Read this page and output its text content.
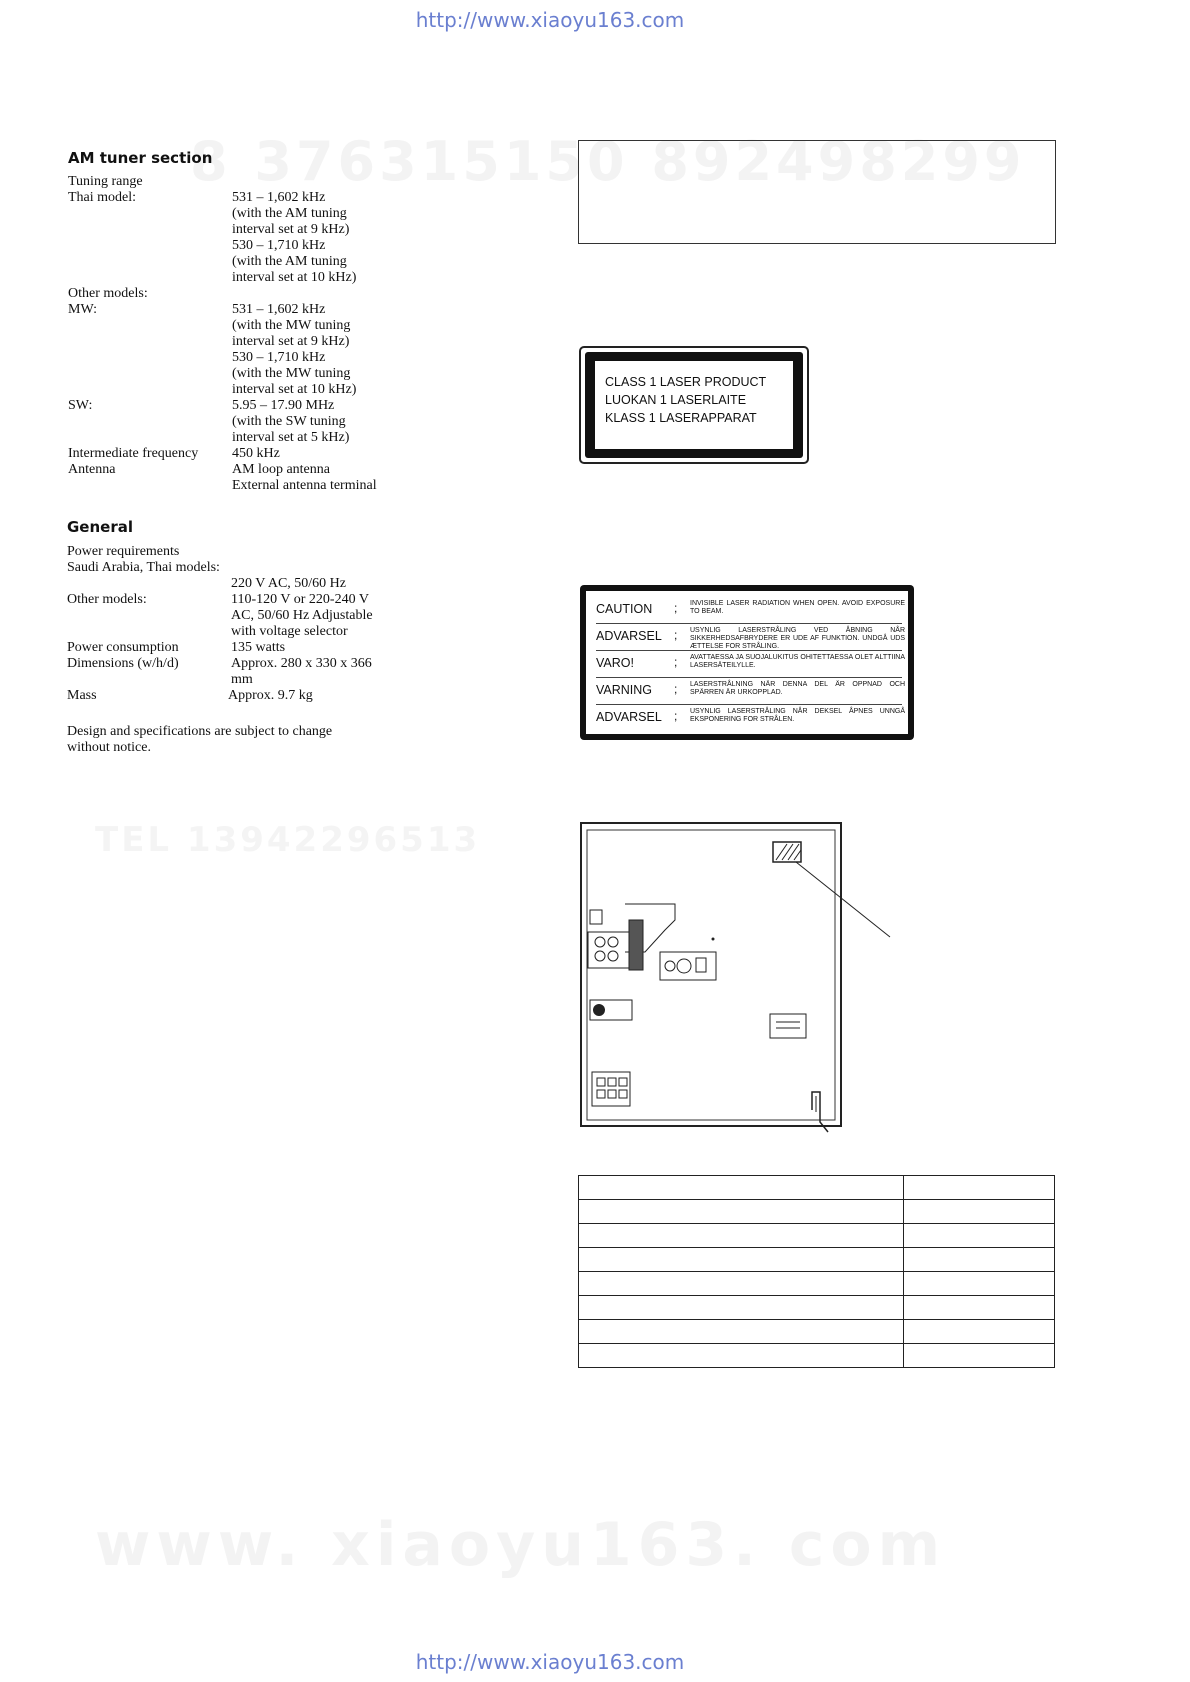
http://www.xiaoyu163.com
8 376315150 892498299
TEL 13942296513
www. xiaoyu163. com
AM tuner section
Tuning range
Thai model:	531 – 1,602 kHz
(with the AM tuning
interval set at 9 kHz)
530 – 1,710 kHz
(with the AM tuning
interval set at 10 kHz)
Other models:
MW:	531 – 1,602 kHz
(with the MW tuning
interval set at 9 kHz)
530 – 1,710 kHz
(with the MW tuning
interval set at 10 kHz)
SW:	5.95 – 17.90 MHz
(with the SW tuning
interval set at 5 kHz)
Intermediate frequency 450 kHz
Antenna	AM loop antenna
External antenna terminal
General
Power requirements
Saudi Arabia, Thai models:
220 V AC, 50/60 Hz
Other models:	110-120 V or 220-240 V
AC, 50/60 Hz Adjustable
with voltage selector
Power consumption	135 watts
Dimensions (w/h/d)	Approx. 280 x 330 x 366
mm
Mass	Approx. 9.7 kg
Design and specifications are subject to change
without notice.
CLASS 1 LASER PRODUCT
LUOKAN 1 LASERLAITE
KLASS 1 LASERAPPARAT
CAUTION ; INVISIBLE LASER RADIATION WHEN OPEN. AVOID EXPOSURE TO BEAM.
ADVARSEL ; USYNLIG LASERSTRÅLING VED ÅBNING NÅR SIKKERHEDSAFBRYDERE ER UDE AF FUNKTION. UNDGÅ UDS ÆTTELSE FOR STRÅLING.
VARO!	; AVATTAESSA JA SUOJALUKITUS OHITETTAESSA OLET ALTTIINA LASERSÄTEILYLLE.
VARNING ; LASERSTRÅLNING NÄR DENNA DEL ÄR OPPNAD OCH SPÄRREN ÄR URKOPPLAD.
ADVARSEL ; USYNLIG LASERSTRÅLING NÅR DEKSEL ÅPNES UNNGÅ EKSPONERING FOR STRÅLEN.

http://www.xiaoyu163.com
